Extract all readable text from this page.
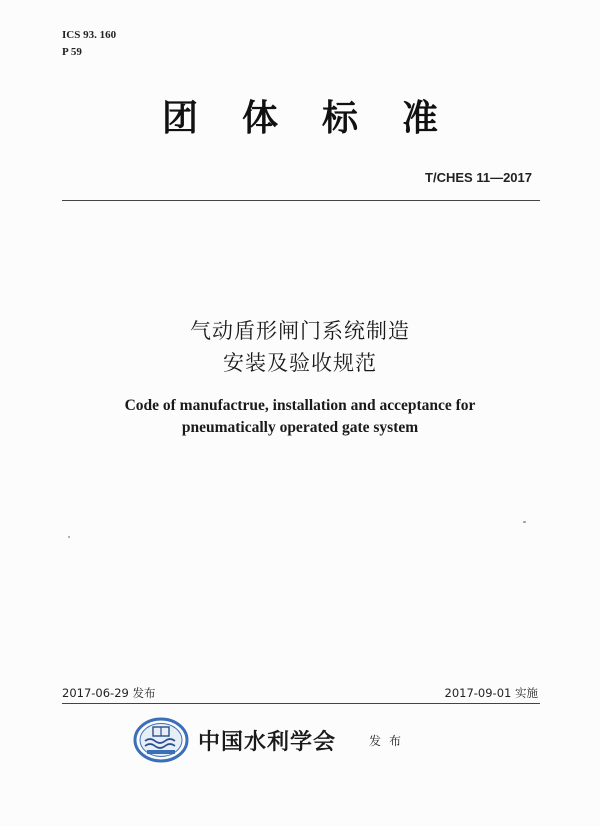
ICS 93. 160
P 59
团体标准
T/CHES 11—2017
气动盾形闸门系统制造
安装及验收规范
Code of manufactrue, installation and acceptance for
pneumatically operated gate system
2017-06-29 发布	2017-09-01 实施
中国水利学会	发布
